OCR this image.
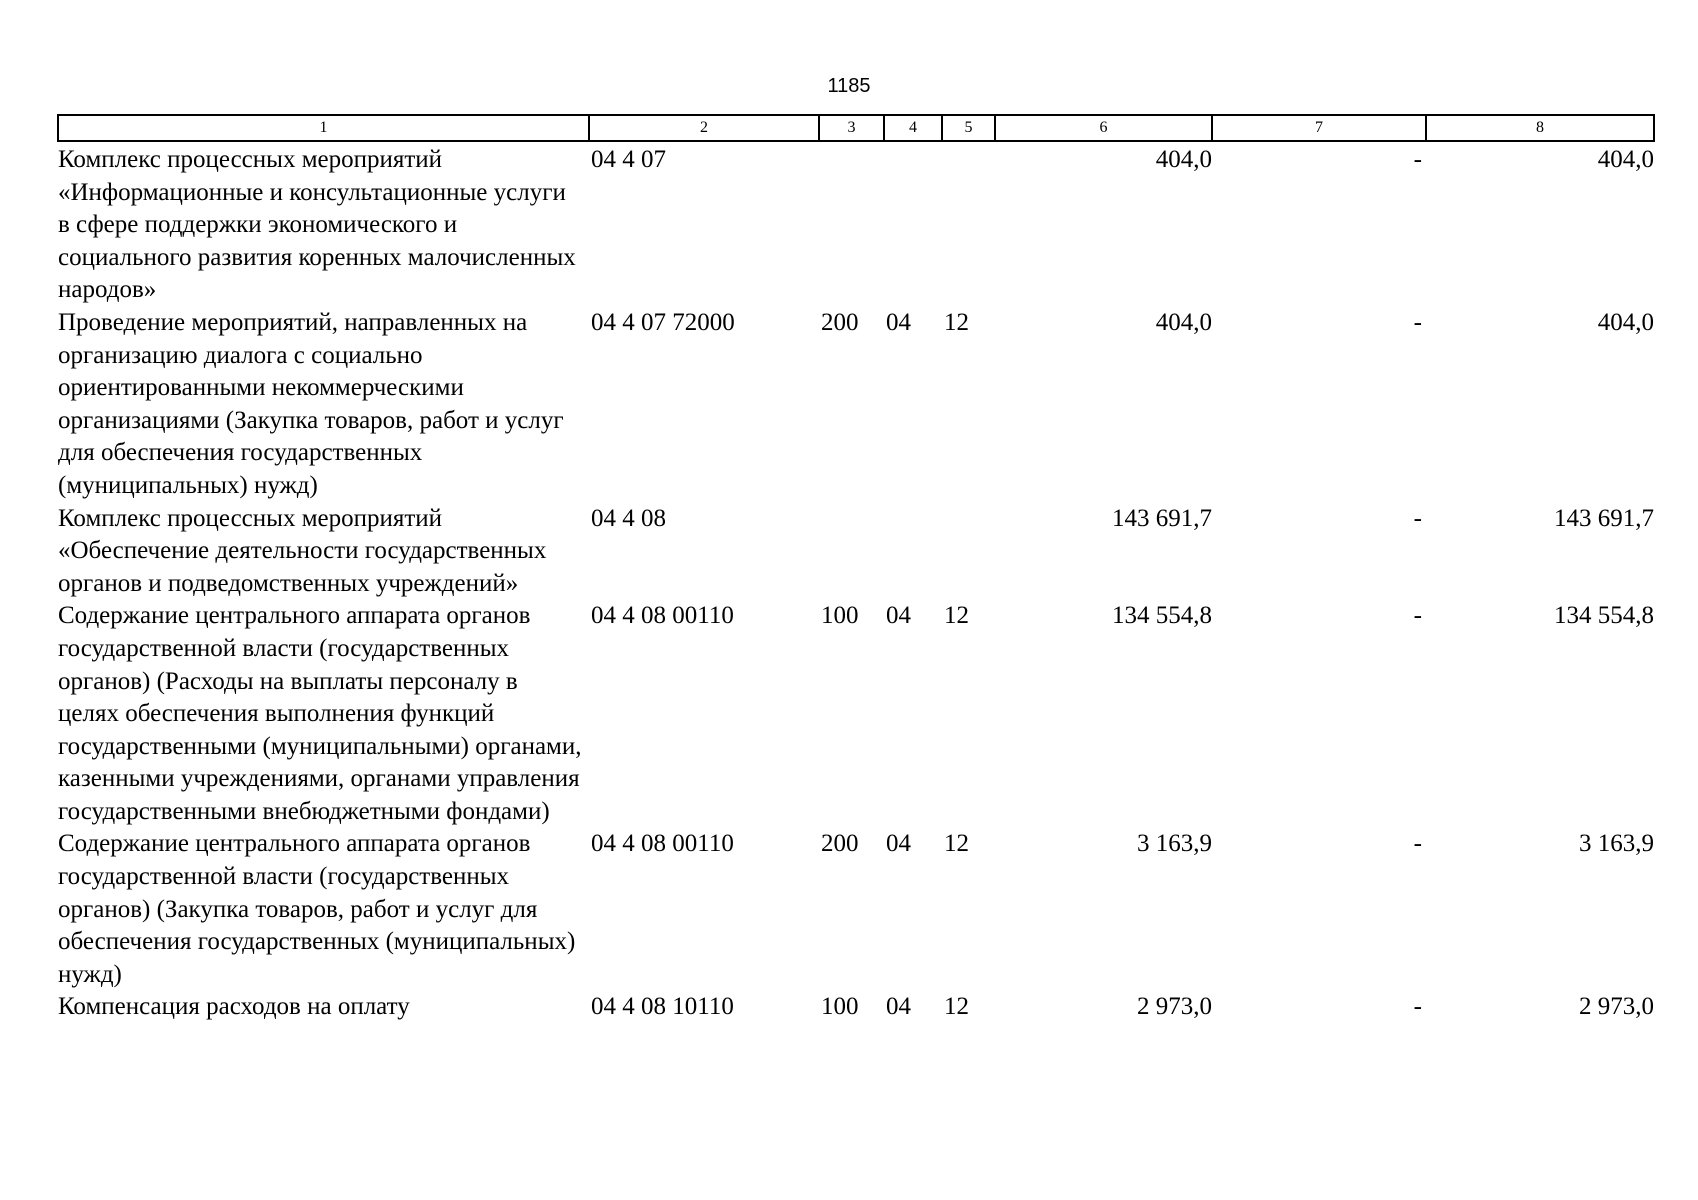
1185
1	2	3	4	5	6	7	8
Комплекс процессных мероприятий «Информационные и консультационные услуги в сфере поддержки экономического и социального развития коренных малочисленных народов»	04 4 07				404,0	-	404,0
Проведение мероприятий, направленных на организацию диалога с социально ориентированными некоммерческими организациями (Закупка товаров, работ и услуг для обеспечения государственных (муниципальных) нужд)	04 4 07 72000	200	04	12	404,0	-	404,0
Комплекс процессных мероприятий «Обеспечение деятельности государственных органов и подведомственных учреждений»	04 4 08				143 691,7	-	143 691,7
Содержание центрального аппарата органов государственной власти (государственных органов) (Расходы на выплаты персоналу в целях обеспечения выполнения функций государственными (муниципальными) органами, казенными учреждениями, органами управления государственными внебюджетными фондами)	04 4 08 00110	100	04	12	134 554,8	-	134 554,8
Содержание центрального аппарата органов государственной власти (государственных органов) (Закупка товаров, работ и услуг для обеспечения государственных (муниципальных) нужд)	04 4 08 00110	200	04	12	3 163,9	-	3 163,9
Компенсация расходов на оплату	04 4 08 10110	100	04	12	2 973,0	-	2 973,0
